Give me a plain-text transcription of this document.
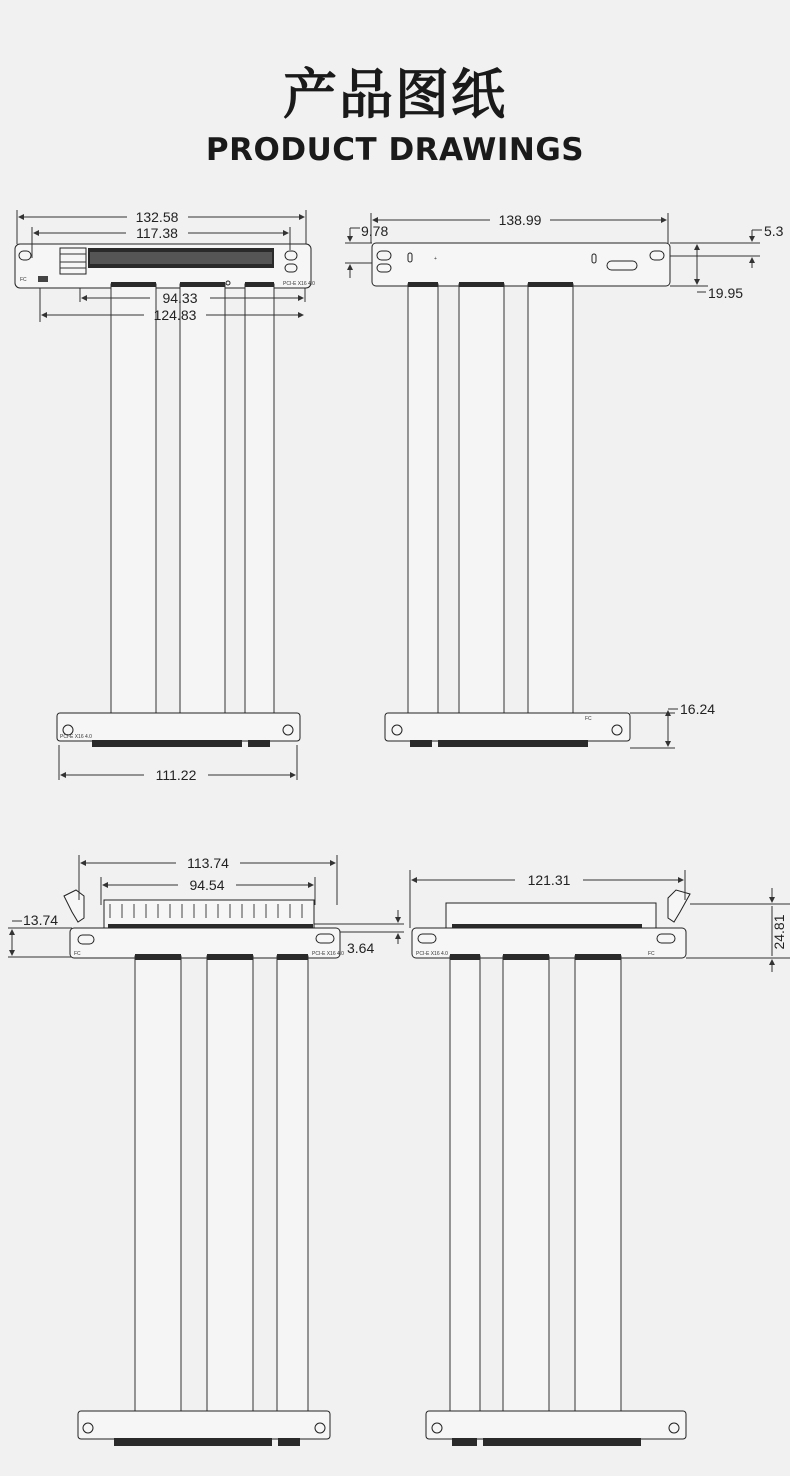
产品图纸
PRODUCT DRAWINGS
FC
PCI-E X16 4.0
PCI-E X16 4.0
132.58
117.38
94.33
124.83
111.22
+
FC
138.99
9.78	5.3
19.95
16.24
FC	PCI-E X16 4.0
113.74
94.54
13.74
3.64	PCI-E X16 4.0	FC
121.31
24.81
